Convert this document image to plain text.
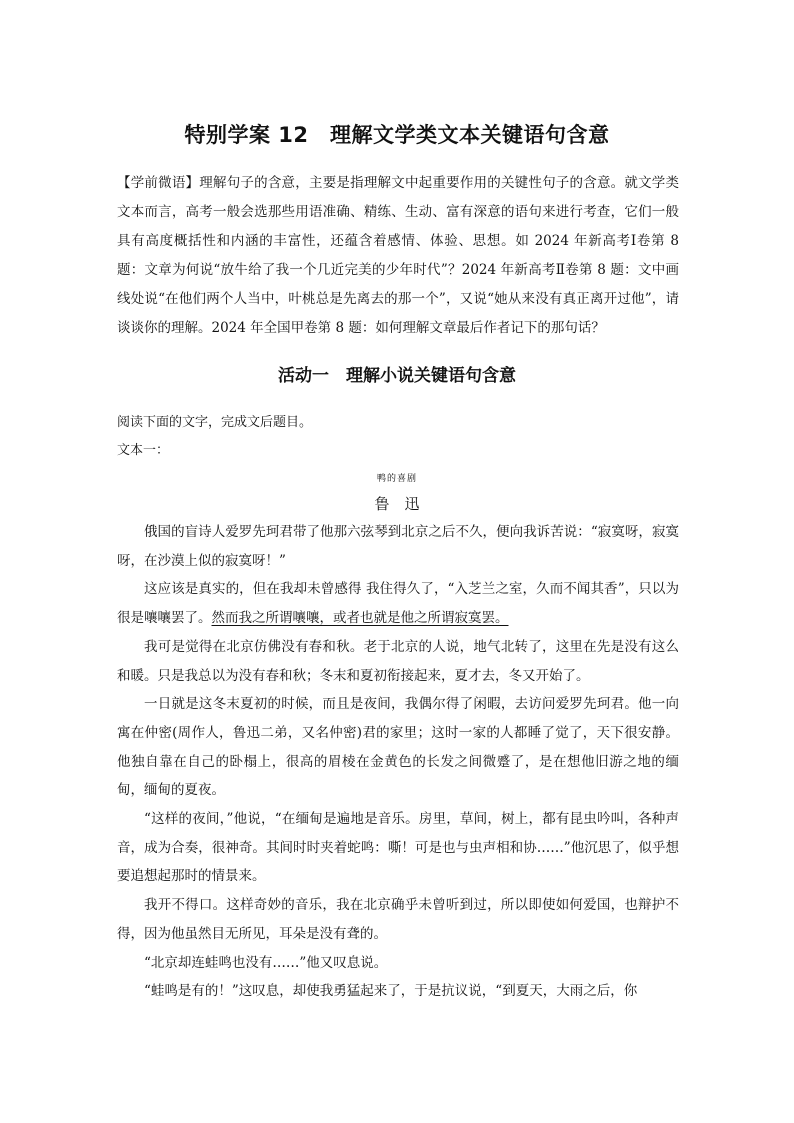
特别学案 12　理解文学类文本关键语句含意
【学前微语】理解句子的含意，主要是指理解文中起重要作用的关键性句子的含意。就文学类文本而言，高考一般会选那些用语准确、精练、生动、富有深意的语句来进行考查，它们一般具有高度概括性和内涵的丰富性，还蕴含着感情、体验、思想。如 2024 年新高考Ⅰ卷第 8 题：文章为何说“放牛给了我一个几近完美的少年时代”？2024 年新高考Ⅱ卷第 8 题：文中画线处说“在他们两个人当中，叶桃总是先离去的那一个”，又说“她从来没有真正离开过他”，请谈谈你的理解。2024 年全国甲卷第 8 题：如何理解文章最后作者记下的那句话？
活动一　理解小说关键语句含意
阅读下面的文字，完成文后题目。
文本一：
鸭的喜剧
鲁　迅

俄国的盲诗人爱罗先珂君带了他那六弦琴到北京之后不久，便向我诉苦说：“寂寞呀，寂寞呀，在沙漠上似的寂寞呀！”

这应该是真实的，但在我却未曾感得 我住得久了，“入芝兰之室，久而不闻其香”，只以为很是嚷嚷罢了。然而我之所谓嚷嚷，或者也就是他之所谓寂寞罢。

我可是觉得在北京仿佛没有春和秋。老于北京的人说，地气北转了，这里在先是没有这么和暖。只是我总以为没有春和秋；冬末和夏初衔接起来，夏才去，冬又开始了。

一日就是这冬末夏初的时候，而且是夜间，我偶尔得了闲暇，去访问爱罗先珂君。他一向寓在仲密(周作人，鲁迅二弟，又名仲密)君的家里；这时一家的人都睡了觉了，天下很安静。他独自靠在自己的卧榻上，很高的眉棱在金黄色的长发之间微蹙了，是在想他旧游之地的缅甸，缅甸的夏夜。

“这样的夜间，”他说，“在缅甸是遍地是音乐。房里，草间，树上，都有昆虫吟叫，各种声音，成为合奏，很神奇。其间时时夹着蛇鸣：嘶！可是也与虫声相和协……”他沉思了，似乎想要追想起那时的情景来。

我开不得口。这样奇妙的音乐，我在北京确乎未曾听到过，所以即使如何爱国，也辩护不得，因为他虽然目无所见，耳朵是没有聋的。

“北京却连蛙鸣也没有……”他又叹息说。

“蛙鸣是有的！”这叹息，却使我勇猛起来了，于是抗议说，“到夏天，大雨之后，你
